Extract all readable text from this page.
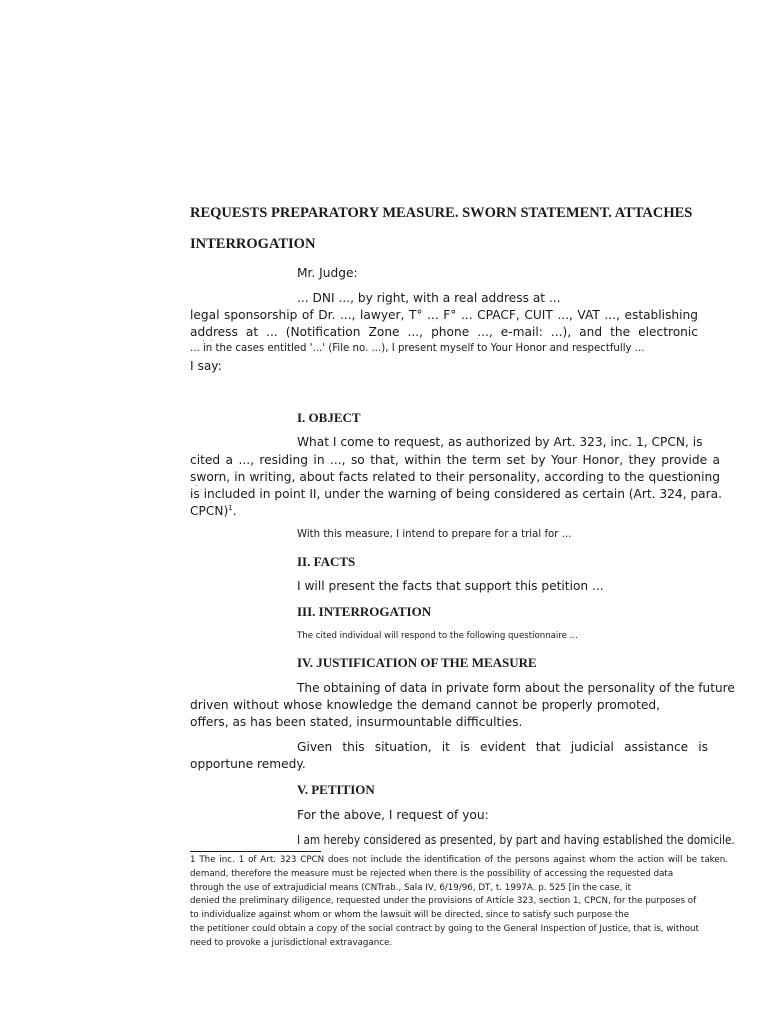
REQUESTS PREPARATORY MEASURE. SWORN STATEMENT. ATTACHES
INTERROGATION
Mr. Judge:
... DNI ..., by right, with a real address at ...
legal sponsorship of Dr. ..., lawyer, T° ... F° ... CPACF, CUIT ..., VAT ..., establishing
address at ... (Notification Zone ..., phone ..., e-mail: ...), and the electronic
... in the cases entitled '...' (File no. ...), I present myself to Your Honor and respectfully ...
I say:
I. OBJECT
What I come to request, as authorized by Art. 323, inc. 1, CPCN, is
cited a ..., residing in ..., so that, within the term set by Your Honor, they provide a
sworn, in writing, about facts related to their personality, according to the questioning
is included in point II, under the warning of being considered as certain (Art. 324, para.
CPCN)$^1$.
With this measure, I intend to prepare for a trial for ...
II. FACTS
I will present the facts that support this petition ...
III. INTERROGATION
The cited individual will respond to the following questionnaire ...
IV. JUSTIFICATION OF THE MEASURE
The obtaining of data in private form about the personality of the future
driven without whose knowledge the demand cannot be properly promoted,
offers, as has been stated, insurmountable difficulties.
Given this situation, it is evident that judicial assistance is
opportune remedy.
V. PETITION
For the above, I request of you:
I am hereby considered as presented, by part and having established the domicile.
1 The inc. 1 of Art. 323 CPCN does not include the identification of the persons against whom the action will be taken.
demand, therefore the measure must be rejected when there is the possibility of accessing the requested data
through the use of extrajudicial means (CNTrab., Sala IV, 6/19/96, DT, t. 1997A. p. 525 [in the case, it
denied the preliminary diligence, requested under the provisions of Article 323, section 1, CPCN, for the purposes of
to individualize against whom or whom the lawsuit will be directed, since to satisfy such purpose the
the petitioner could obtain a copy of the social contract by going to the General Inspection of Justice, that is, without
need to provoke a jurisdictional extravagance.
